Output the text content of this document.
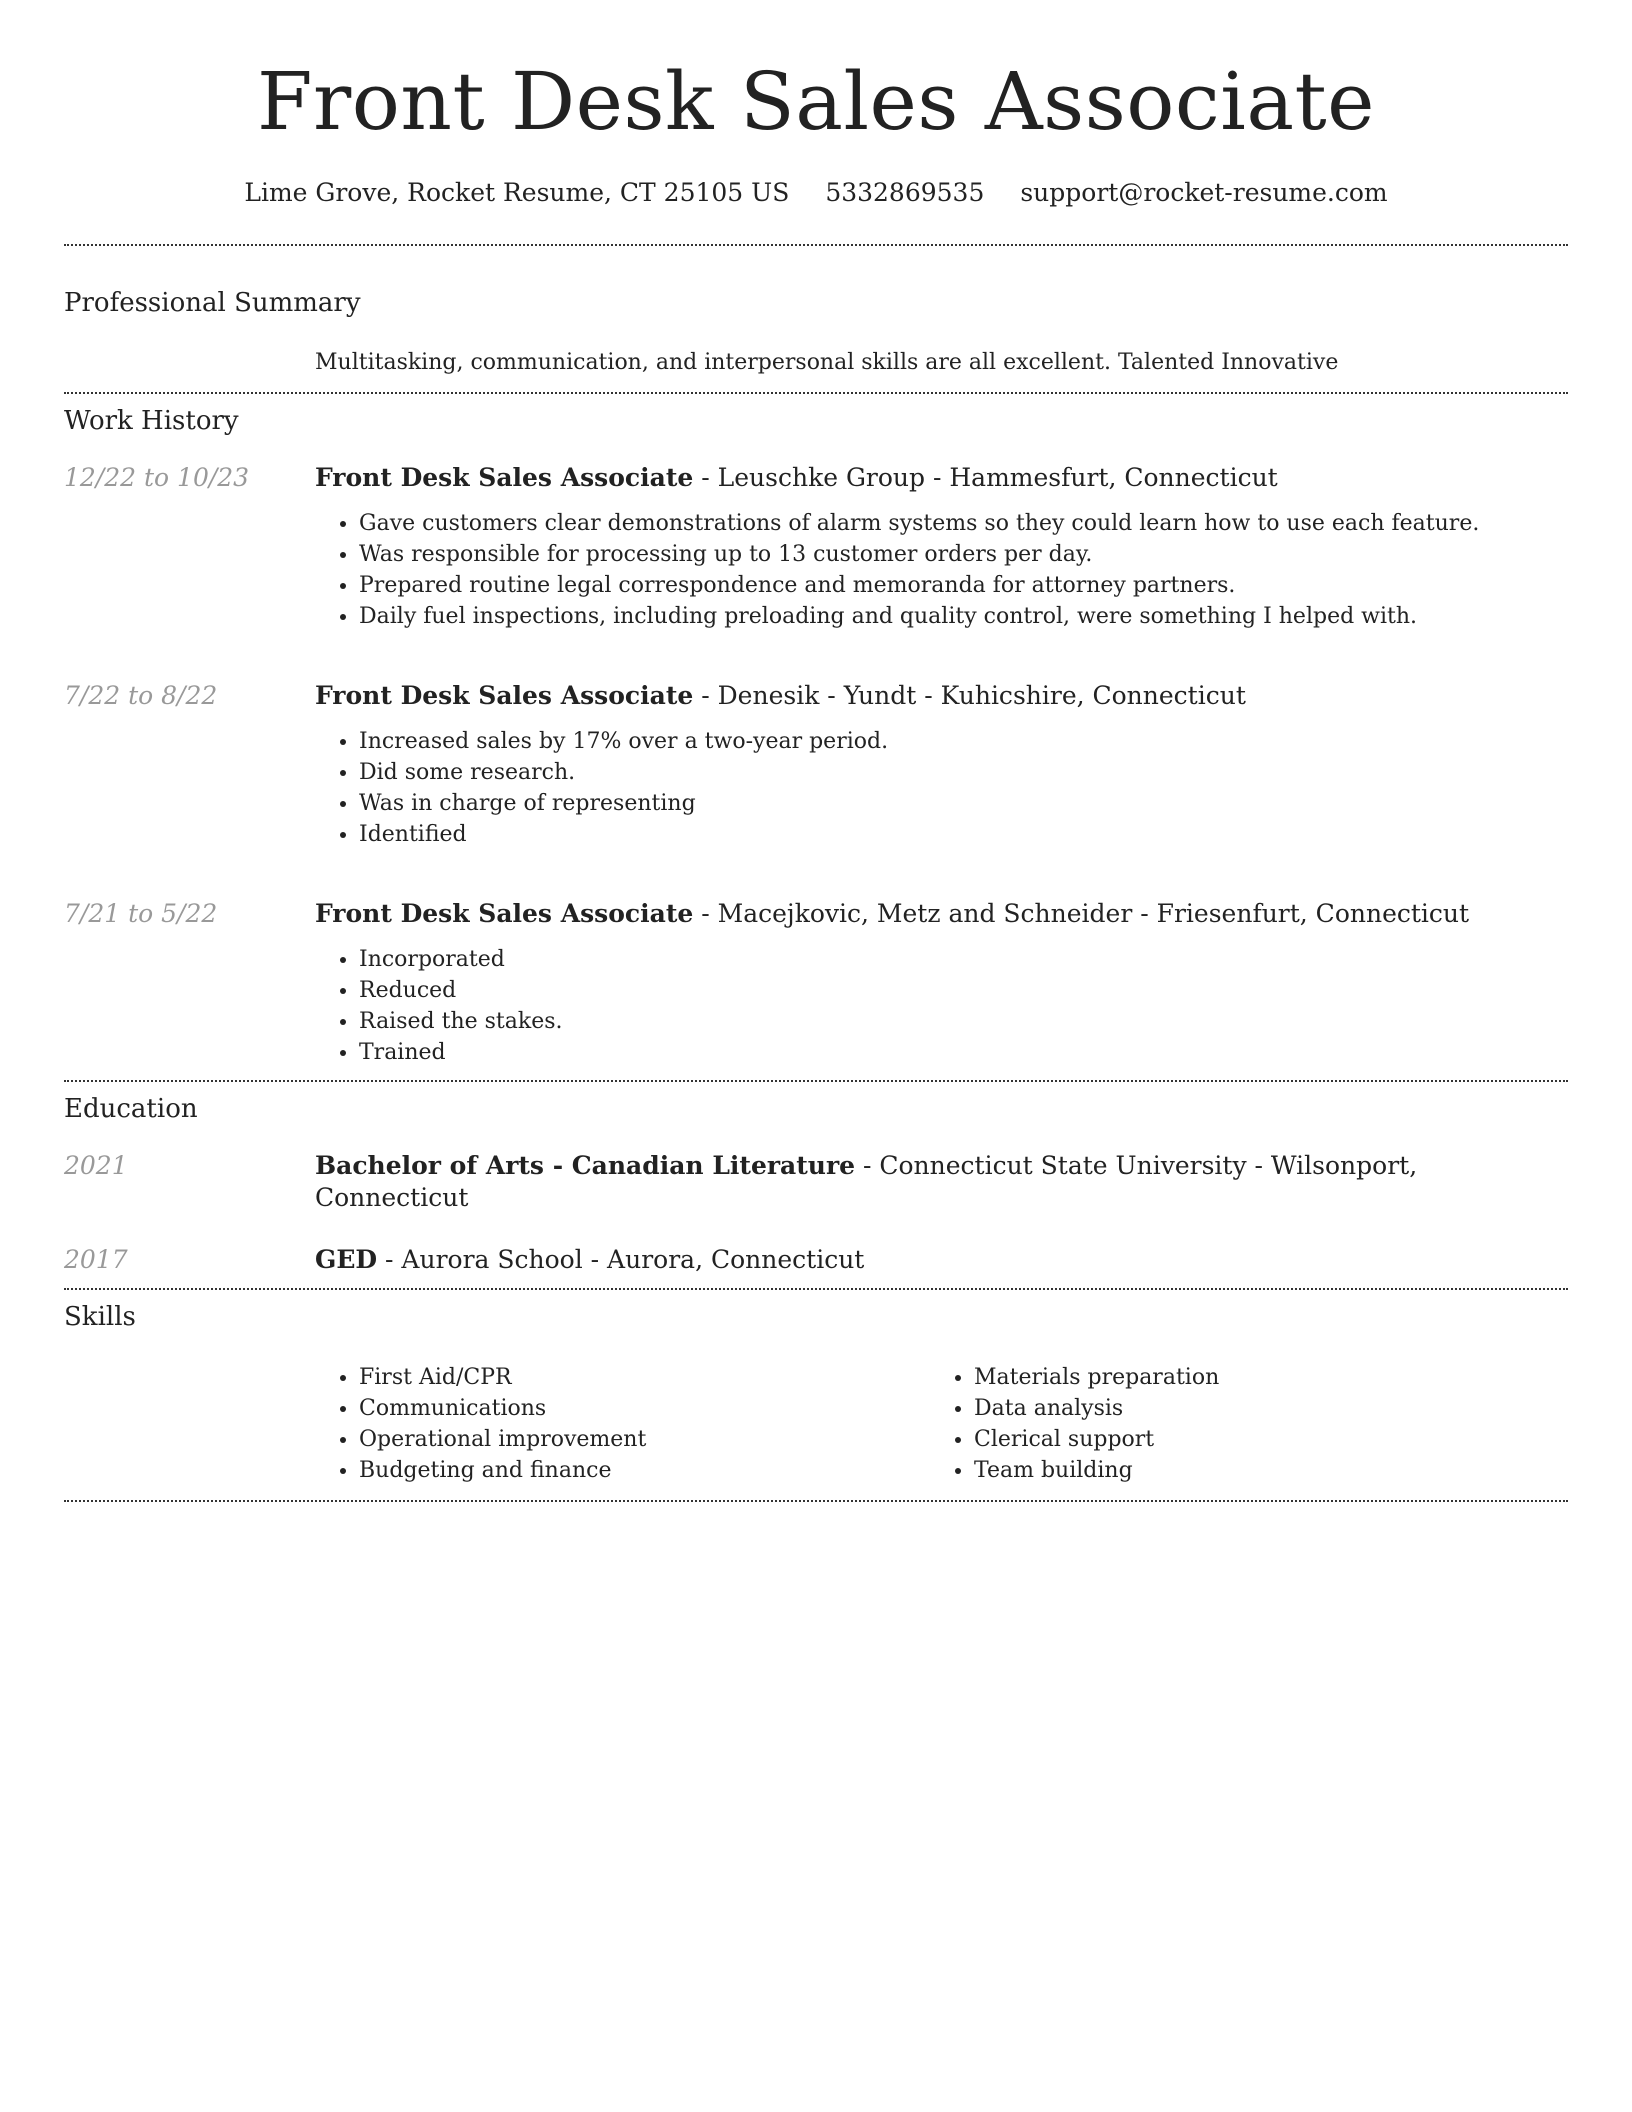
Front Desk Sales Associate
Lime Grove, Rocket Resume, CT 25105 US 5332869535 support@rocket-resume.com
Professional Summary
Multitasking, communication, and interpersonal skills are all excellent. Talented Innovative
Work History
12/22 to 10/23	Front Desk Sales Associate - Leuschke Group - Hammesfurt, Connecticut
• Gave customers clear demonstrations of alarm systems so they could learn how to use each feature.
• Was responsible for processing up to 13 customer orders per day.
• Prepared routine legal correspondence and memoranda for attorney partners.
• Daily fuel inspections, including preloading and quality control, were something I helped with.
7/22 to 8/22	Front Desk Sales Associate - Denesik - Yundt - Kuhicshire, Connecticut
• Increased sales by 17% over a two-year period.
• Did some research.
• Was in charge of representing
• Identified
7/21 to 5/22	Front Desk Sales Associate - Macejkovic, Metz and Schneider - Friesenfurt, Connecticut
• Incorporated
• Reduced
• Raised the stakes.
• Trained
Education
2021	Bachelor of Arts - Canadian Literature - Connecticut State University - Wilsonport, Connecticut
2017	GED - Aurora School - Aurora, Connecticut
Skills
• First Aid/CPR
• Communications
• Operational improvement
• Budgeting and finance
• Materials preparation
• Data analysis
• Clerical support
• Team building
